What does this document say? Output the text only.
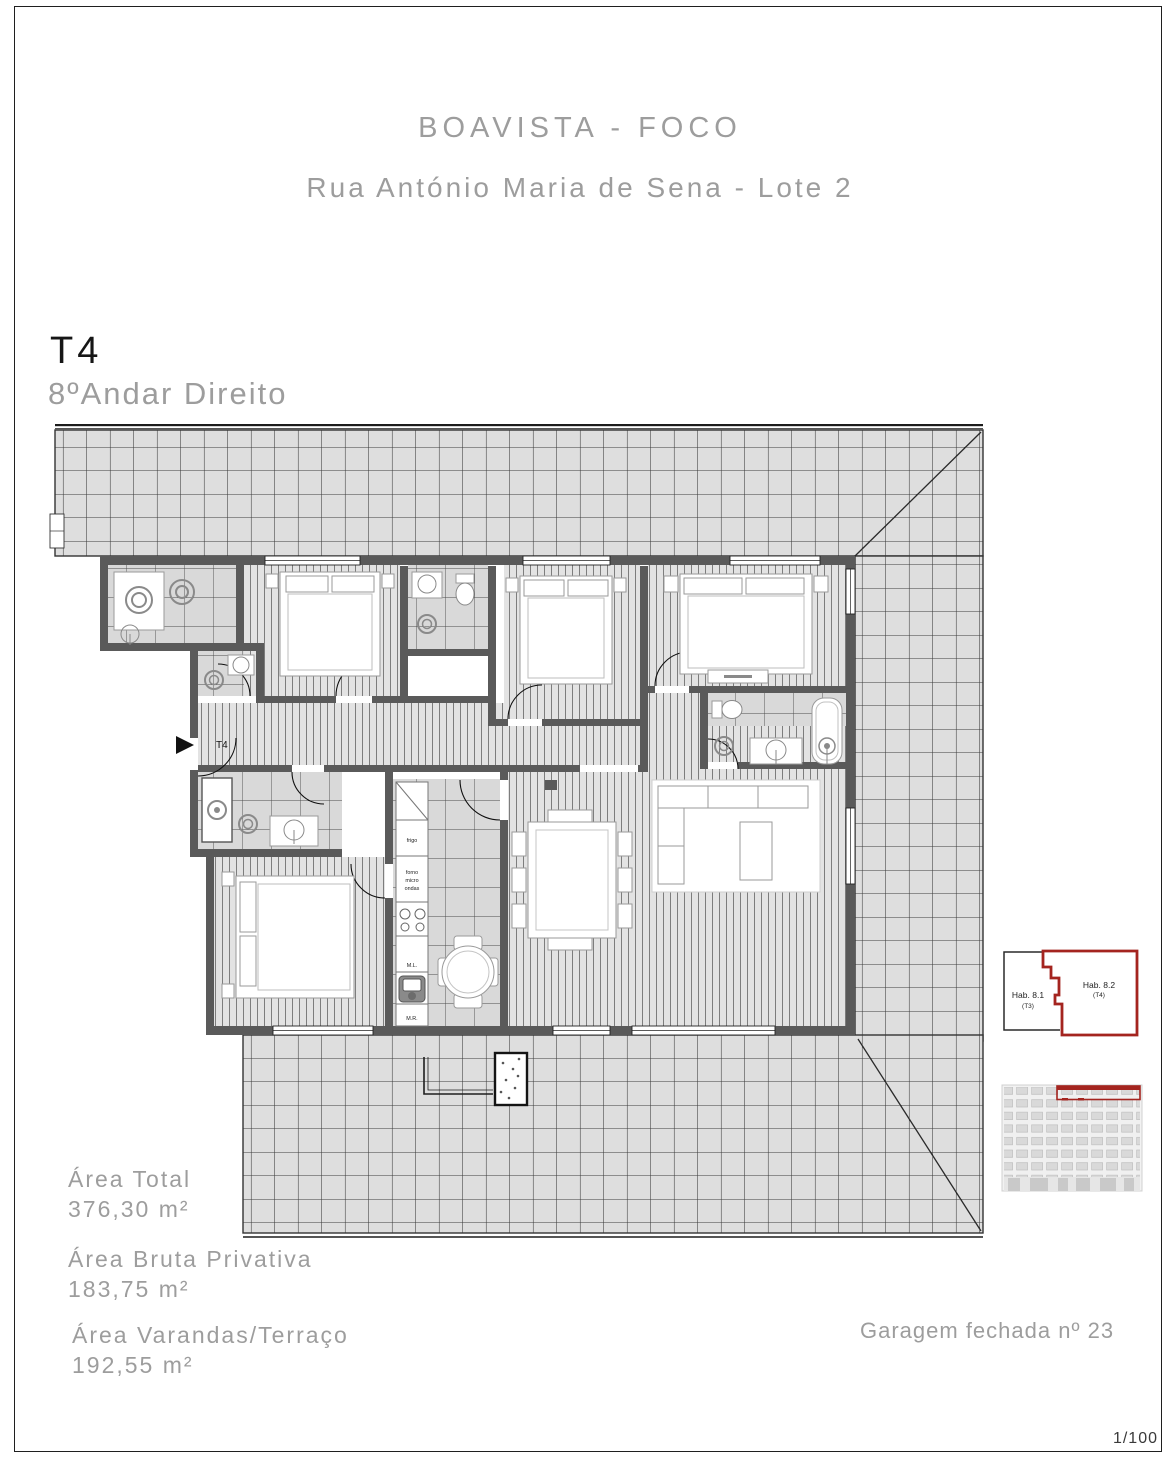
BOAVISTA - FOCO
Rua António Maria de Sena - Lote 2
T4
8ºAndar Direito
Área Total
376,30 m²
Área Bruta Privativa
183,75 m²
Área Varandas/Terraço
192,55 m²
Garagem fechada nº 23
1/100
frigo
forno
micro
ondas
M.L.
M.R.
T4
Hab. 8.1
(T3)
Hab. 8.2
(T4)
